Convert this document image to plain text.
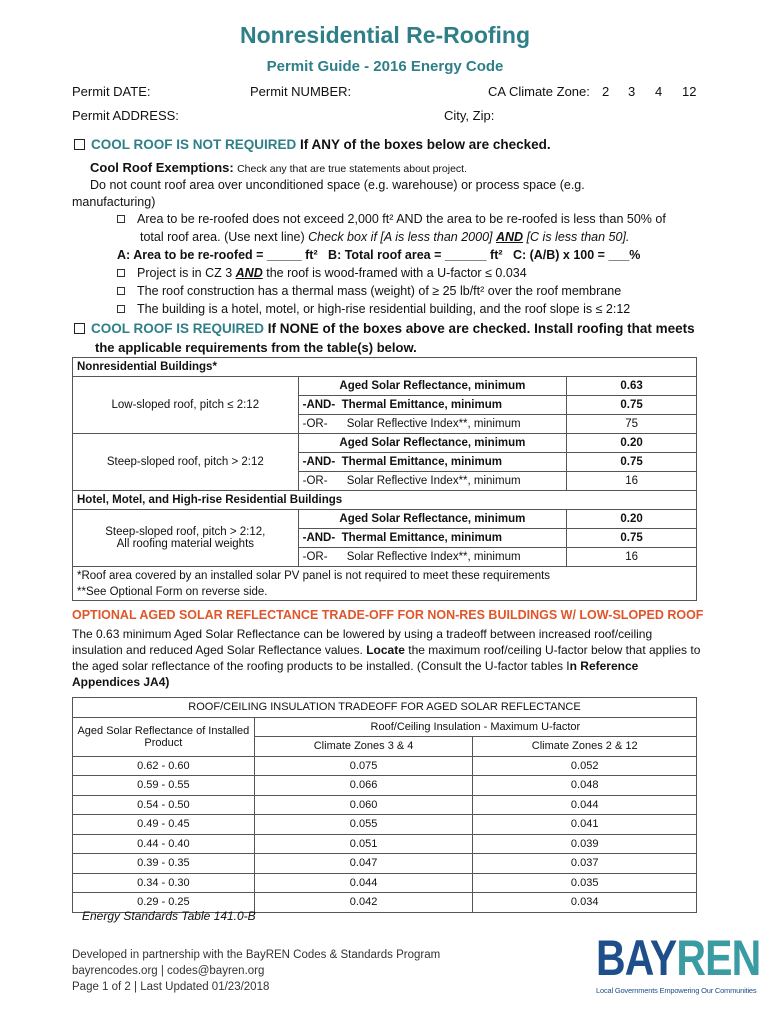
Nonresidential Re-Roofing
Permit Guide - 2016 Energy Code
Permit DATE:	Permit NUMBER:	CA Climate Zone: 2 3 4 12
Permit ADDRESS:	City, Zip:
COOL ROOF IS NOT REQUIRED If ANY of the boxes below are checked.
Cool Roof Exemptions: Check any that are true statements about project.
Do not count roof area over unconditioned space (e.g. warehouse) or process space (e.g.
manufacturing)
Area to be re-roofed does not exceed 2,000 ft² AND the area to be re-roofed is less than 50% of
total roof area. (Use next line) Check box if [A is less than 2000] AND [C is less than 50].
A: Area to be re-roofed = _____ ft²   B: Total roof area = ______ ft²   C: (A/B) x 100 = ___%
Project is in CZ 3 AND the roof is wood-framed with a U-factor ≤ 0.034
The roof construction has a thermal mass (weight) of ≥ 25 lb/ft² over the roof membrane
The building is a hotel, motel, or high-rise residential building, and the roof slope is ≤ 2:12
COOL ROOF IS REQUIRED If NONE of the boxes above are checked. Install roofing that meets
the applicable requirements from the table(s) below.
Nonresidential Buildings*		
Low-sloped roof, pitch ≤ 2:12	Aged Solar Reflectance, minimum	0.63
	-AND- Thermal Emittance, minimum	0.75
	-OR- Solar Reflective Index**, minimum	75
Steep-sloped roof, pitch > 2:12	Aged Solar Reflectance, minimum	0.20
	-AND- Thermal Emittance, minimum	0.75
	-OR- Solar Reflective Index**, minimum	16
Hotel, Motel, and High-rise Residential Buildings		
Steep-sloped roof, pitch > 2:12,
All roofing material weights	Aged Solar Reflectance, minimum	0.20
	-AND- Thermal Emittance, minimum	0.75
	-OR- Solar Reflective Index**, minimum	16
*Roof area covered by an installed solar PV panel is not required to meet these requirements
**See Optional Form on reverse side.		
OPTIONAL AGED SOLAR REFLECTANCE TRADE-OFF FOR NON-RES BUILDINGS W/ LOW-SLOPED ROOF
The 0.63 minimum Aged Solar Reflectance can be lowered by using a tradeoff between increased roof/ceiling
insulation and reduced Aged Solar Reflectance values. Locate the maximum roof/ceiling U-factor below that applies to
the aged solar reflectance of the roofing products to be installed. (Consult the U-factor tables In Reference
Appendices JA4)
ROOF/CEILING INSULATION TRADEOFF FOR AGED SOLAR REFLECTANCE		
Aged Solar Reflectance of Installed Product	Roof/Ceiling Insulation - Maximum U-factor	
	Climate Zones 3 & 4	Climate Zones 2 & 12
0.62 - 0.60	0.075	0.052
0.59 - 0.55	0.066	0.048
0.54 - 0.50	0.060	0.044
0.49 - 0.45	0.055	0.041
0.44 - 0.40	0.051	0.039
0.39 - 0.35	0.047	0.037
0.34 - 0.30	0.044	0.035
0.29 - 0.25	0.042	0.034
Energy Standards Table 141.0-B
Developed in partnership with the BayREN Codes & Standards Program
bayrencodes.org | codes@bayren.org
Page 1 of 2 | Last Updated 01/23/2018
BAYREN
Local Governments Empowering Our Communities
